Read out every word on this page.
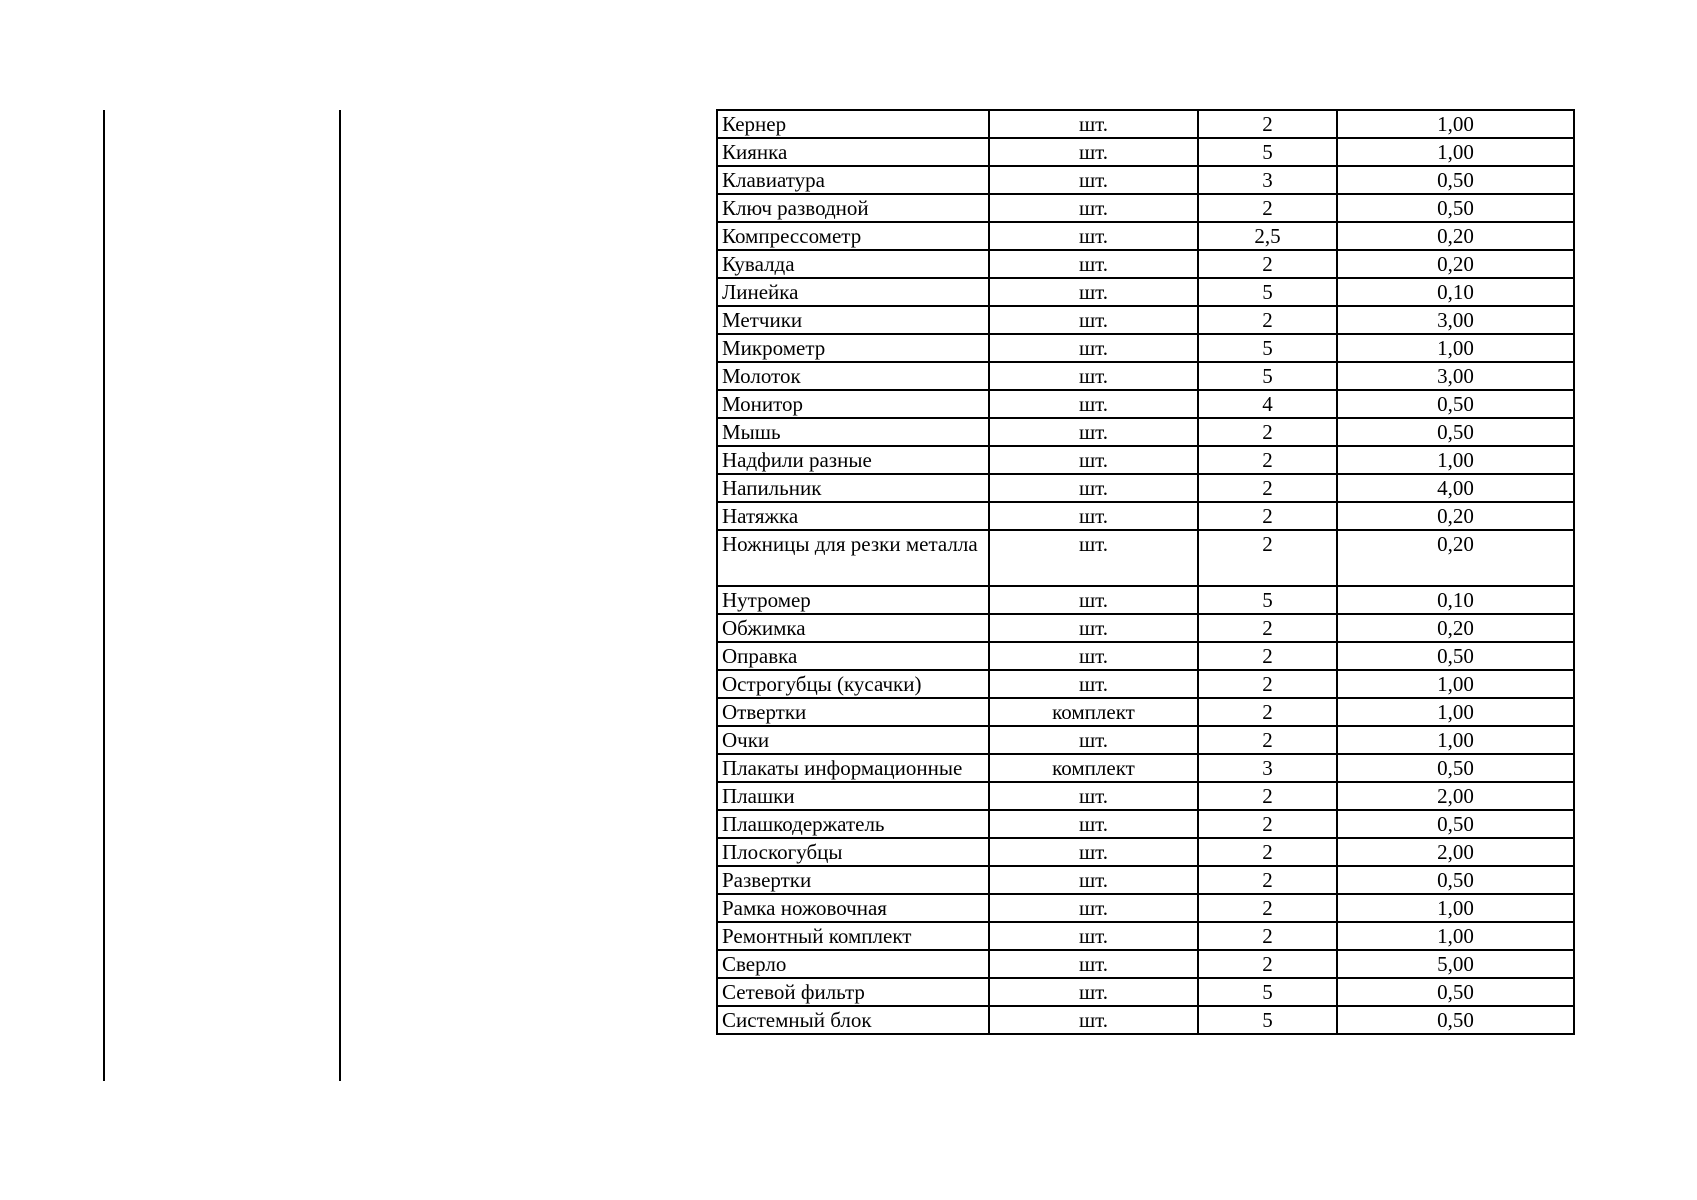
Кернер	шт.	2	1,00
Киянка	шт.	5	1,00
Клавиатура	шт.	3	0,50
Ключ разводной	шт.	2	0,50
Компрессометр	шт.	2,5	0,20
Кувалда	шт.	2	0,20
Линейка	шт.	5	0,10
Метчики	шт.	2	3,00
Микрометр	шт.	5	1,00
Молоток	шт.	5	3,00
Монитор	шт.	4	0,50
Мышь	шт.	2	0,50
Надфили разные	шт.	2	1,00
Напильник	шт.	2	4,00
Натяжка	шт.	2	0,20
Ножницы для резки металла	шт.	2	0,20
Нутромер	шт.	5	0,10
Обжимка	шт.	2	0,20
Оправка	шт.	2	0,50
Острогубцы (кусачки)	шт.	2	1,00
Отвертки	комплект	2	1,00
Очки	шт.	2	1,00
Плакаты информационные	комплект	3	0,50
Плашки	шт.	2	2,00
Плашкодержатель	шт.	2	0,50
Плоскогубцы	шт.	2	2,00
Развертки	шт.	2	0,50
Рамка ножовочная	шт.	2	1,00
Ремонтный комплект	шт.	2	1,00
Сверло	шт.	2	5,00
Сетевой фильтр	шт.	5	0,50
Системный блок	шт.	5	0,50
